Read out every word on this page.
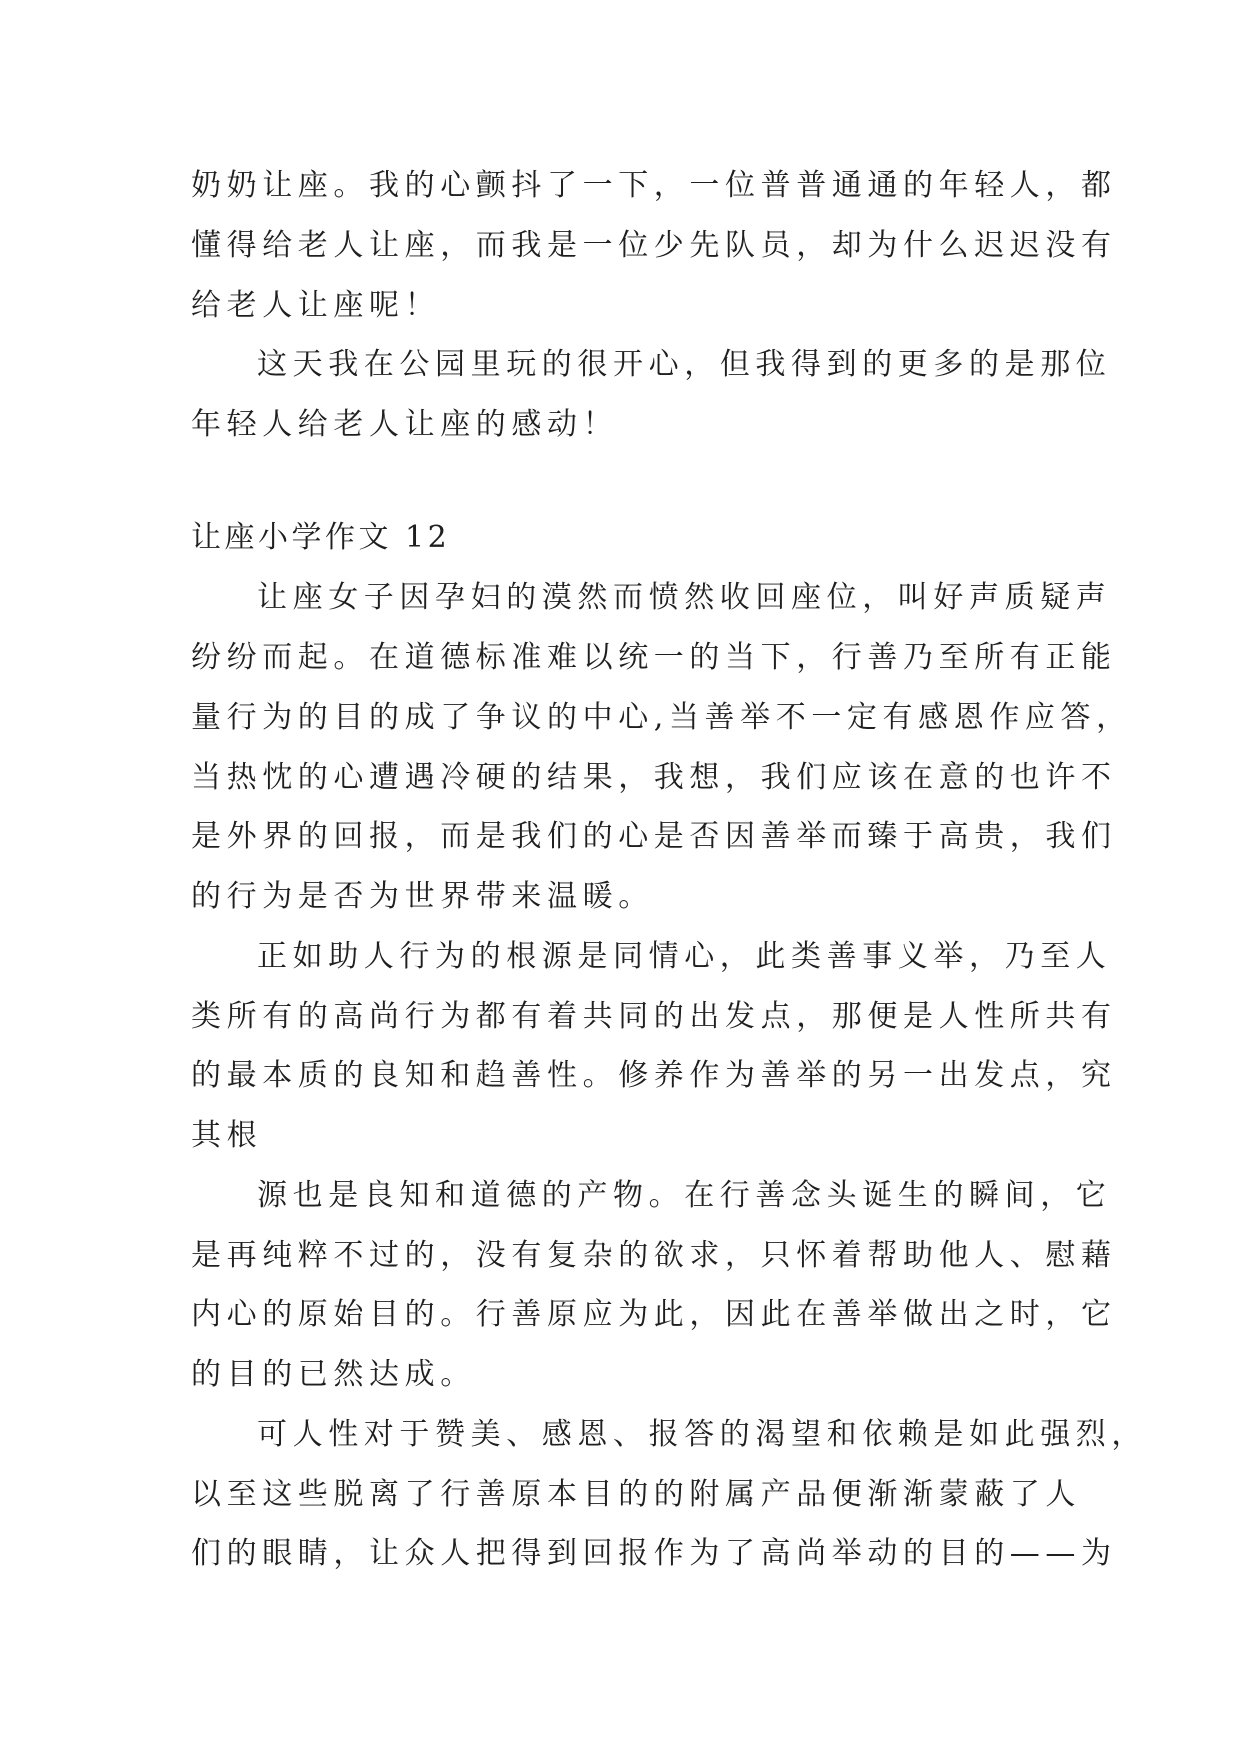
奶奶让座。我的心颤抖了一下，一位普普通通的年轻人，都
懂得给老人让座，而我是一位少先队员，却为什么迟迟没有
给老人让座呢！
这天我在公园里玩的很开心，但我得到的更多的是那位
年轻人给老人让座的感动！
让座小学作文 12
让座女子因孕妇的漠然而愤然收回座位，叫好声质疑声
纷纷而起。在道德标准难以统一的当下，行善乃至所有正能
量行为的目的成了争议的中心,当善举不一定有感恩作应答，
当热忱的心遭遇冷硬的结果，我想，我们应该在意的也许不
是外界的回报，而是我们的心是否因善举而臻于高贵，我们
的行为是否为世界带来温暖。
正如助人行为的根源是同情心，此类善事义举，乃至人
类所有的高尚行为都有着共同的出发点，那便是人性所共有
的最本质的良知和趋善性。修养作为善举的另一出发点，究
其根
源也是良知和道德的产物。在行善念头诞生的瞬间，它
是再纯粹不过的，没有复杂的欲求，只怀着帮助他人、慰藉
内心的原始目的。行善原应为此，因此在善举做出之时，它
的目的已然达成。
可人性对于赞美、感恩、报答的渴望和依赖是如此强烈，
以至这些脱离了行善原本目的的附属产品便渐渐蒙蔽了人
们的眼睛，让众人把得到回报作为了高尚举动的目的——为
